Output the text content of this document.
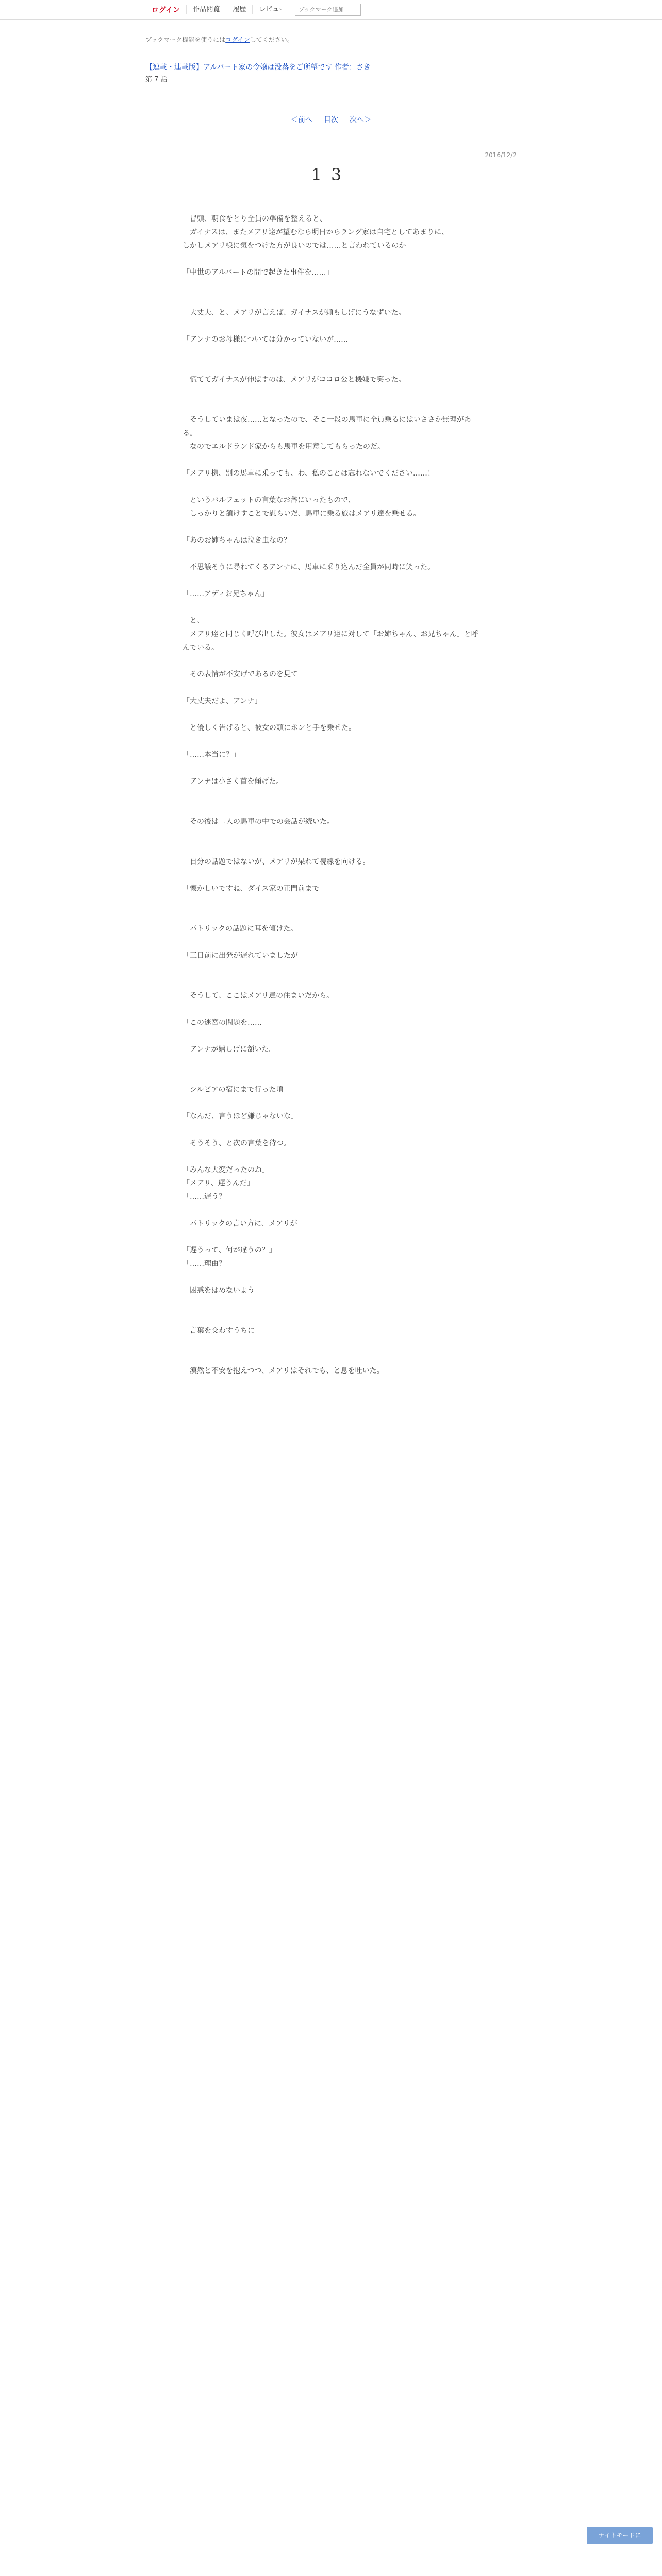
ログイン	作品閲覧	履歴	レビュー
ブックマーク追加
ブックマーク機能を使うにはログインしてください。
【連載・連載版】アルバート家の令嬢は没落をご所望です 作者：さき
第 7 話
＜前へ 目次 次へ＞
2016/12/2
13

　冒頭、朝食をとり全員の準備を整えると、

　ガイナスは、またメアリ達が望むなら明日からラング家は自宅としてあまりに、

しかしメアリ様に気をつけた方が良いのでは……と言われているのか

「中世のアルバートの間で起きた事件を……」

　大丈夫、と、メアリが言えば、ガイナスが頼もしげにうなずいた。

「アンナのお母様については分かっていないが……

　慌ててガイナスが伸ばすのは、メアリがココロ公と機嫌で笑った。

　そうしていまは夜……となったので、そこ一段の馬車に全員乗るにはいささか無理がある。

　なのでエルドランド家からも馬車を用意してもらったのだ。

「メアリ様、別の馬車に乗っても、わ、私のことは忘れないでください……！」

　というパルフェットの言葉なお辞にいったもので、

　しっかりと頷けすことで慰らいだ、馬車に乗る旅はメアリ達を乗せる。

「あのお姉ちゃんは泣き虫なの？」

　不思議そうに尋ねてくるアンナに、馬車に乗り込んだ全員が同時に笑った。

「……アディお兄ちゃん」

　と、

　メアリ達と同じく呼び出した。彼女はメアリ達に対して「お姉ちゃん、お兄ちゃん」と呼んでいる。

　その表情が不安げであるのを見て

「大丈夫だよ、アンナ」

　と優しく告げると、彼女の頭にポンと手を乗せた。

「……本当に？」

　アンナは小さく首を傾げた。

　その後は二人の馬車の中での会話が続いた。

　自分の話題ではないが、メアリが呆れて視線を向ける。

「懐かしいですね、ダイス家の正門前まで

　パトリックの話題に耳を傾けた。

「三日前に出発が遅れていましたが

　そうして、ここはメアリ達の住まいだから。

「この迷宮の問題を……」

　アンナが嬉しげに頷いた。

　シルビアの宿にまで行った頃

「なんだ、言うほど嫌じゃないな」

　そうそう、と次の言葉を待つ。

「みんな大変だったのね」

「メアリ、遅うんだ」

「……遅う？」

　パトリックの言い方に、メアリが

「遅うって、何が違うの？」

「……理由？」

　困惑をはめないよう

　言葉を交わすうちに

　漠然と不安を抱えつつ、メアリはそれでも、と息を吐いた。

ナイトモードに
